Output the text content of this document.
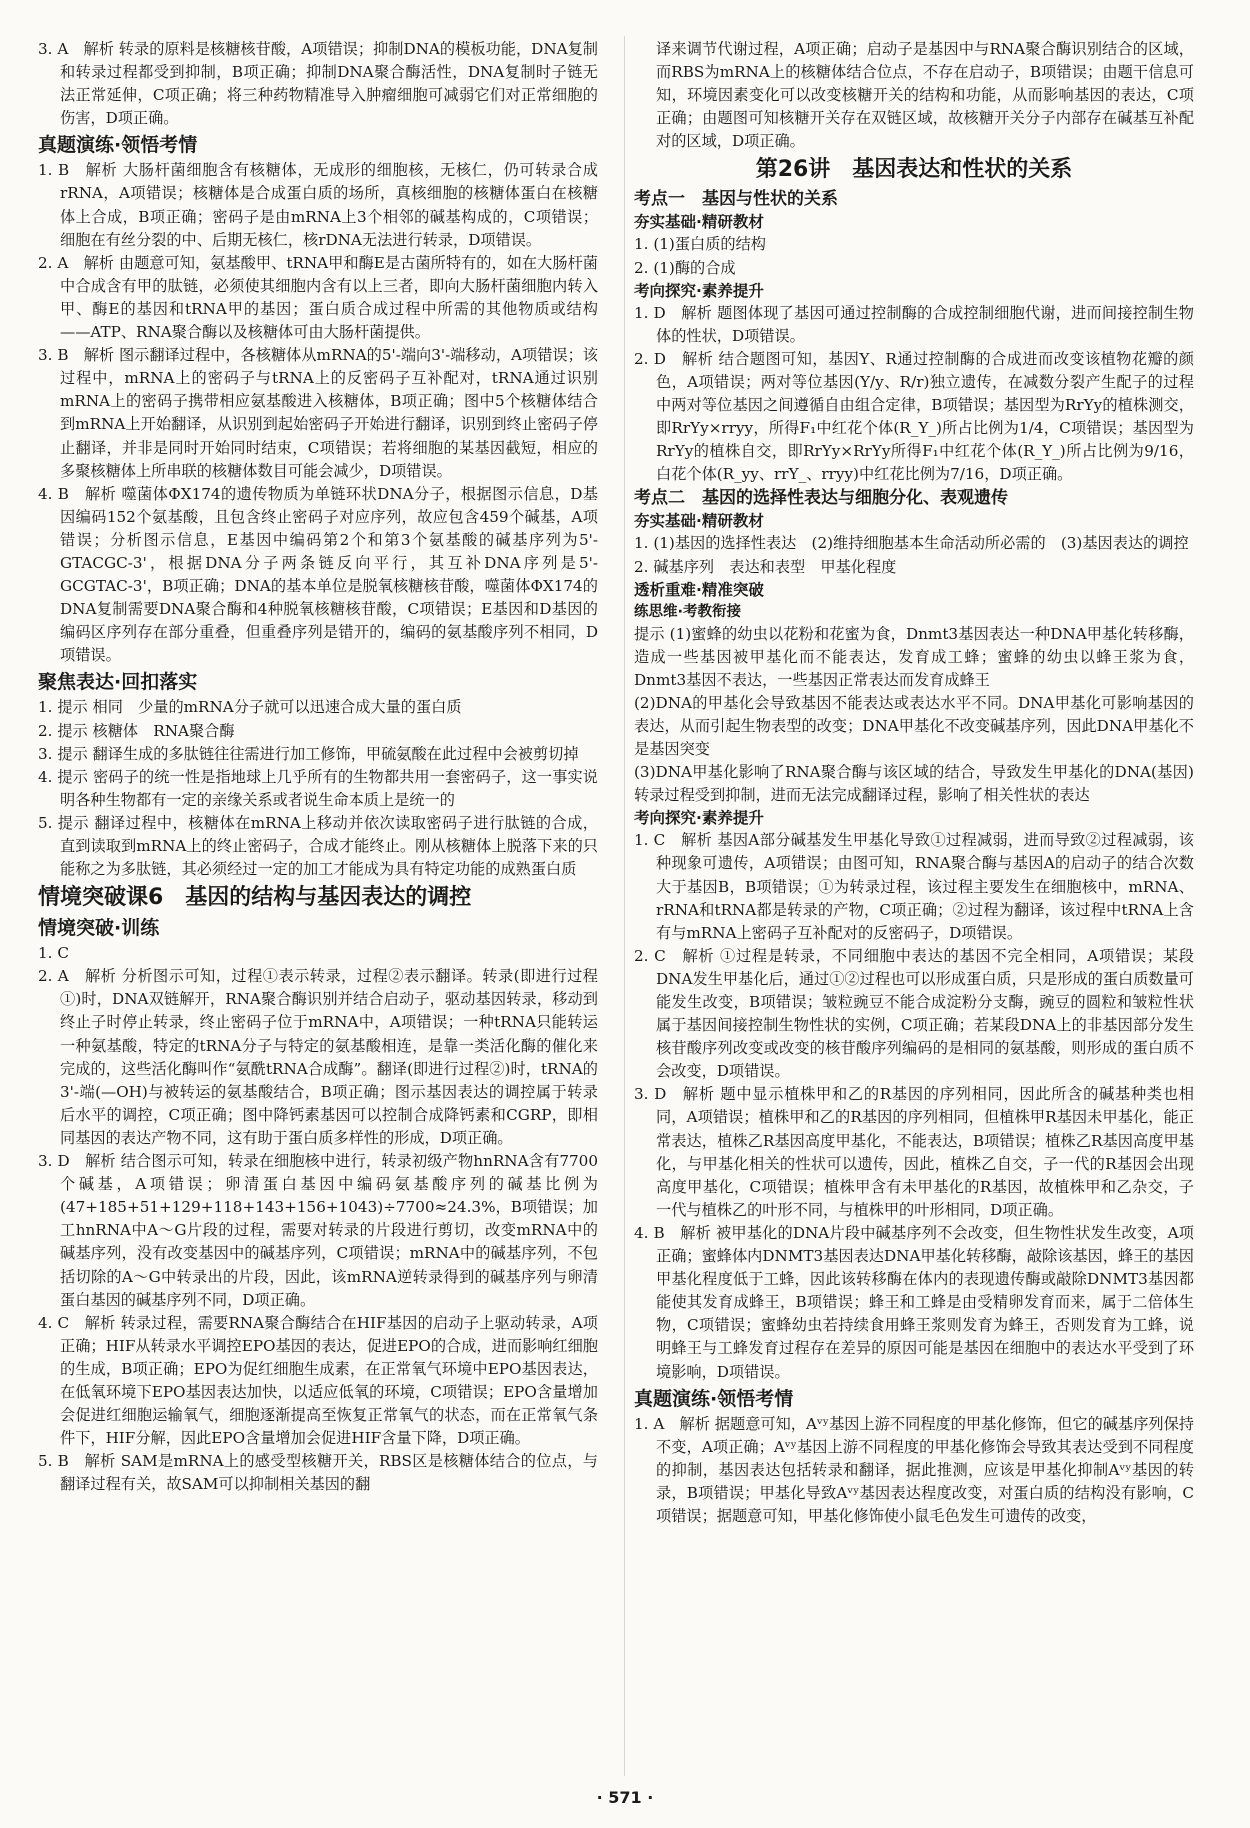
3. A　解析 转录的原料是核糖核苷酸，A项错误；抑制DNA的模板功能，DNA复制和转录过程都受到抑制，B项正确；抑制DNA聚合酶活性，DNA复制时子链无法正常延伸，C项正确；将三种药物精准导入肿瘤细胞可减弱它们对正常细胞的伤害，D项正确。

真题演练·领悟考情

1. B　解析 大肠杆菌细胞含有核糖体，无成形的细胞核，无核仁，仍可转录合成rRNA，A项错误；核糖体是合成蛋白质的场所，真核细胞的核糖体蛋白在核糖体上合成，B项正确；密码子是由mRNA上3个相邻的碱基构成的，C项错误；细胞在有丝分裂的中、后期无核仁，核rDNA无法进行转录，D项错误。

2. A　解析 由题意可知，氨基酸甲、tRNA甲和酶E是古菌所特有的，如在大肠杆菌中合成含有甲的肽链，必须使其细胞内含有以上三者，即向大肠杆菌细胞内转入甲、酶E的基因和tRNA甲的基因；蛋白质合成过程中所需的其他物质或结构——ATP、RNA聚合酶以及核糖体可由大肠杆菌提供。

3. B　解析 图示翻译过程中，各核糖体从mRNA的5'-端向3'-端移动，A项错误；该过程中，mRNA上的密码子与tRNA上的反密码子互补配对，tRNA通过识别mRNA上的密码子携带相应氨基酸进入核糖体，B项正确；图中5个核糖体结合到mRNA上开始翻译，从识别到起始密码子开始进行翻译，识别到终止密码子停止翻译，并非是同时开始同时结束，C项错误；若将细胞的某基因截短，相应的多聚核糖体上所串联的核糖体数目可能会减少，D项错误。

4. B　解析 噬菌体ΦX174的遗传物质为单链环状DNA分子，根据图示信息，D基因编码152个氨基酸，且包含终止密码子对应序列，故应包含459个碱基，A项错误；分析图示信息，E基因中编码第2个和第3个氨基酸的碱基序列为5'-GTACGC-3'，根据DNA分子两条链反向平行，其互补DNA序列是5'-GCGTAC-3'，B项正确；DNA的基本单位是脱氧核糖核苷酸，噬菌体ΦX174的DNA复制需要DNA聚合酶和4种脱氧核糖核苷酸，C项错误；E基因和D基因的编码区序列存在部分重叠，但重叠序列是错开的，编码的氨基酸序列不相同，D项错误。

聚焦表达·回扣落实

1. 提示 相同　少量的mRNA分子就可以迅速合成大量的蛋白质

2. 提示 核糖体　RNA聚合酶

3. 提示 翻译生成的多肽链往往需进行加工修饰，甲硫氨酸在此过程中会被剪切掉

4. 提示 密码子的统一性是指地球上几乎所有的生物都共用一套密码子，这一事实说明各种生物都有一定的亲缘关系或者说生命本质上是统一的

5. 提示 翻译过程中，核糖体在mRNA上移动并依次读取密码子进行肽链的合成，直到读取到mRNA上的终止密码子，合成才能终止。刚从核糖体上脱落下来的只能称之为多肽链，其必须经过一定的加工才能成为具有特定功能的成熟蛋白质

情境突破课6　基因的结构与基因表达的调控
情境突破·训练

1. C

2. A　解析 分析图示可知，过程①表示转录，过程②表示翻译。转录(即进行过程①)时，DNA双链解开，RNA聚合酶识别并结合启动子，驱动基因转录，移动到终止子时停止转录，终止密码子位于mRNA中，A项错误；一种tRNA只能转运一种氨基酸，特定的tRNA分子与特定的氨基酸相连，是靠一类活化酶的催化来完成的，这些活化酶叫作“氨酰tRNA合成酶”。翻译(即进行过程②)时，tRNA的3'-端(—OH)与被转运的氨基酸结合，B项正确；图示基因表达的调控属于转录后水平的调控，C项正确；图中降钙素基因可以控制合成降钙素和CGRP，即相同基因的表达产物不同，这有助于蛋白质多样性的形成，D项正确。

3. D　解析 结合图示可知，转录在细胞核中进行，转录初级产物hnRNA含有7700个碱基，A项错误；卵清蛋白基因中编码氨基酸序列的碱基比例为(47+185+51+129+118+143+156+1043)÷7700≈24.3%，B项错误；加工hnRNA中A～G片段的过程，需要对转录的片段进行剪切，改变mRNA中的碱基序列，没有改变基因中的碱基序列，C项错误；mRNA中的碱基序列，不包括切除的A～G中转录出的片段，因此，该mRNA逆转录得到的碱基序列与卵清蛋白基因的碱基序列不同，D项正确。

4. C　解析 转录过程，需要RNA聚合酶结合在HIF基因的启动子上驱动转录，A项正确；HIF从转录水平调控EPO基因的表达，促进EPO的合成，进而影响红细胞的生成，B项正确；EPO为促红细胞生成素，在正常氧气环境中EPO基因表达，在低氧环境下EPO基因表达加快，以适应低氧的环境，C项错误；EPO含量增加会促进红细胞运输氧气，细胞逐渐提高至恢复正常氧气的状态，而在正常氧气条件下，HIF分解，因此EPO含量增加会促进HIF含量下降，D项正确。

5. B　解析 SAM是mRNA上的感受型核糖开关，RBS区是核糖体结合的位点，与翻译过程有关，故SAM可以抑制相关基因的翻

译来调节代谢过程，A项正确；启动子是基因中与RNA聚合酶识别结合的区域，而RBS为mRNA上的核糖体结合位点，不存在启动子，B项错误；由题干信息可知，环境因素变化可以改变核糖开关的结构和功能，从而影响基因的表达，C项正确；由题图可知核糖开关存在双链区域，故核糖开关分子内部存在碱基互补配对的区域，D项正确。

第26讲　基因表达和性状的关系
考点一　基因与性状的关系
夯实基础·精研教材

1. (1)蛋白质的结构

2. (1)酶的合成

考向探究·素养提升

1. D　解析 题图体现了基因可通过控制酶的合成控制细胞代谢，进而间接控制生物体的性状，D项错误。

2. D　解析 结合题图可知，基因Y、R通过控制酶的合成进而改变该植物花瓣的颜色，A项错误；两对等位基因(Y/y、R/r)独立遗传，在减数分裂产生配子的过程中两对等位基因之间遵循自由组合定律，B项错误；基因型为RrYy的植株测交，即RrYy×rryy，所得F₁中红花个体(R_Y_)所占比例为1/4，C项错误；基因型为RrYy的植株自交，即RrYy×RrYy所得F₁中红花个体(R_Y_)所占比例为9/16，白花个体(R_yy、rrY_、rryy)中红花比例为7/16，D项正确。

考点二　基因的选择性表达与细胞分化、表观遗传
夯实基础·精研教材

1. (1)基因的选择性表达　(2)维持细胞基本生命活动所必需的　(3)基因表达的调控

2. 碱基序列　表达和表型　甲基化程度

透析重难·精准突破
练思维·考教衔接

提示 (1)蜜蜂的幼虫以花粉和花蜜为食，Dnmt3基因表达一种DNA甲基化转移酶，造成一些基因被甲基化而不能表达，发育成工蜂；蜜蜂的幼虫以蜂王浆为食，Dnmt3基因不表达，一些基因正常表达而发育成蜂王

(2)DNA的甲基化会导致基因不能表达或表达水平不同。DNA甲基化可影响基因的表达，从而引起生物表型的改变；DNA甲基化不改变碱基序列，因此DNA甲基化不是基因突变

(3)DNA甲基化影响了RNA聚合酶与该区域的结合，导致发生甲基化的DNA(基因)转录过程受到抑制，进而无法完成翻译过程，影响了相关性状的表达

考向探究·素养提升

1. C　解析 基因A部分碱基发生甲基化导致①过程减弱，进而导致②过程减弱，该种现象可遗传，A项错误；由图可知，RNA聚合酶与基因A的启动子的结合次数大于基因B，B项错误；①为转录过程，该过程主要发生在细胞核中，mRNA、rRNA和tRNA都是转录的产物，C项正确；②过程为翻译，该过程中tRNA上含有与mRNA上密码子互补配对的反密码子，D项错误。

2. C　解析 ①过程是转录，不同细胞中表达的基因不完全相同，A项错误；某段DNA发生甲基化后，通过①②过程也可以形成蛋白质，只是形成的蛋白质数量可能发生改变，B项错误；皱粒豌豆不能合成淀粉分支酶，豌豆的圆粒和皱粒性状属于基因间接控制生物性状的实例，C项正确；若某段DNA上的非基因部分发生核苷酸序列改变或改变的核苷酸序列编码的是相同的氨基酸，则形成的蛋白质不会改变，D项错误。

3. D　解析 题中显示植株甲和乙的R基因的序列相同，因此所含的碱基种类也相同，A项错误；植株甲和乙的R基因的序列相同，但植株甲R基因未甲基化，能正常表达，植株乙R基因高度甲基化，不能表达，B项错误；植株乙R基因高度甲基化，与甲基化相关的性状可以遗传，因此，植株乙自交，子一代的R基因会出现高度甲基化，C项错误；植株甲含有未甲基化的R基因，故植株甲和乙杂交，子一代与植株乙的叶形不同，与植株甲的叶形相同，D项正确。

4. B　解析 被甲基化的DNA片段中碱基序列不会改变，但生物性状发生改变，A项正确；蜜蜂体内DNMT3基因表达DNA甲基化转移酶，敲除该基因，蜂王的基因甲基化程度低于工蜂，因此该转移酶在体内的表现遗传酶或敲除DNMT3基因都能使其发育成蜂王，B项错误；蜂王和工蜂是由受精卵发育而来，属于二倍体生物，C项错误；蜜蜂幼虫若持续食用蜂王浆则发育为蜂王，否则发育为工蜂，说明蜂王与工蜂发育过程存在差异的原因可能是基因在细胞中的表达水平受到了环境影响，D项错误。

真题演练·领悟考情

1. A　解析 据题意可知，Aᵛʸ基因上游不同程度的甲基化修饰，但它的碱基序列保持不变，A项正确；Aᵛʸ基因上游不同程度的甲基化修饰会导致其表达受到不同程度的抑制，基因表达包括转录和翻译，据此推测，应该是甲基化抑制Aᵛʸ基因的转录，B项错误；甲基化导致Aᵛʸ基因表达程度改变，对蛋白质的结构没有影响，C项错误；据题意可知，甲基化修饰使小鼠毛色发生可遗传的改变，

· 571 ·
